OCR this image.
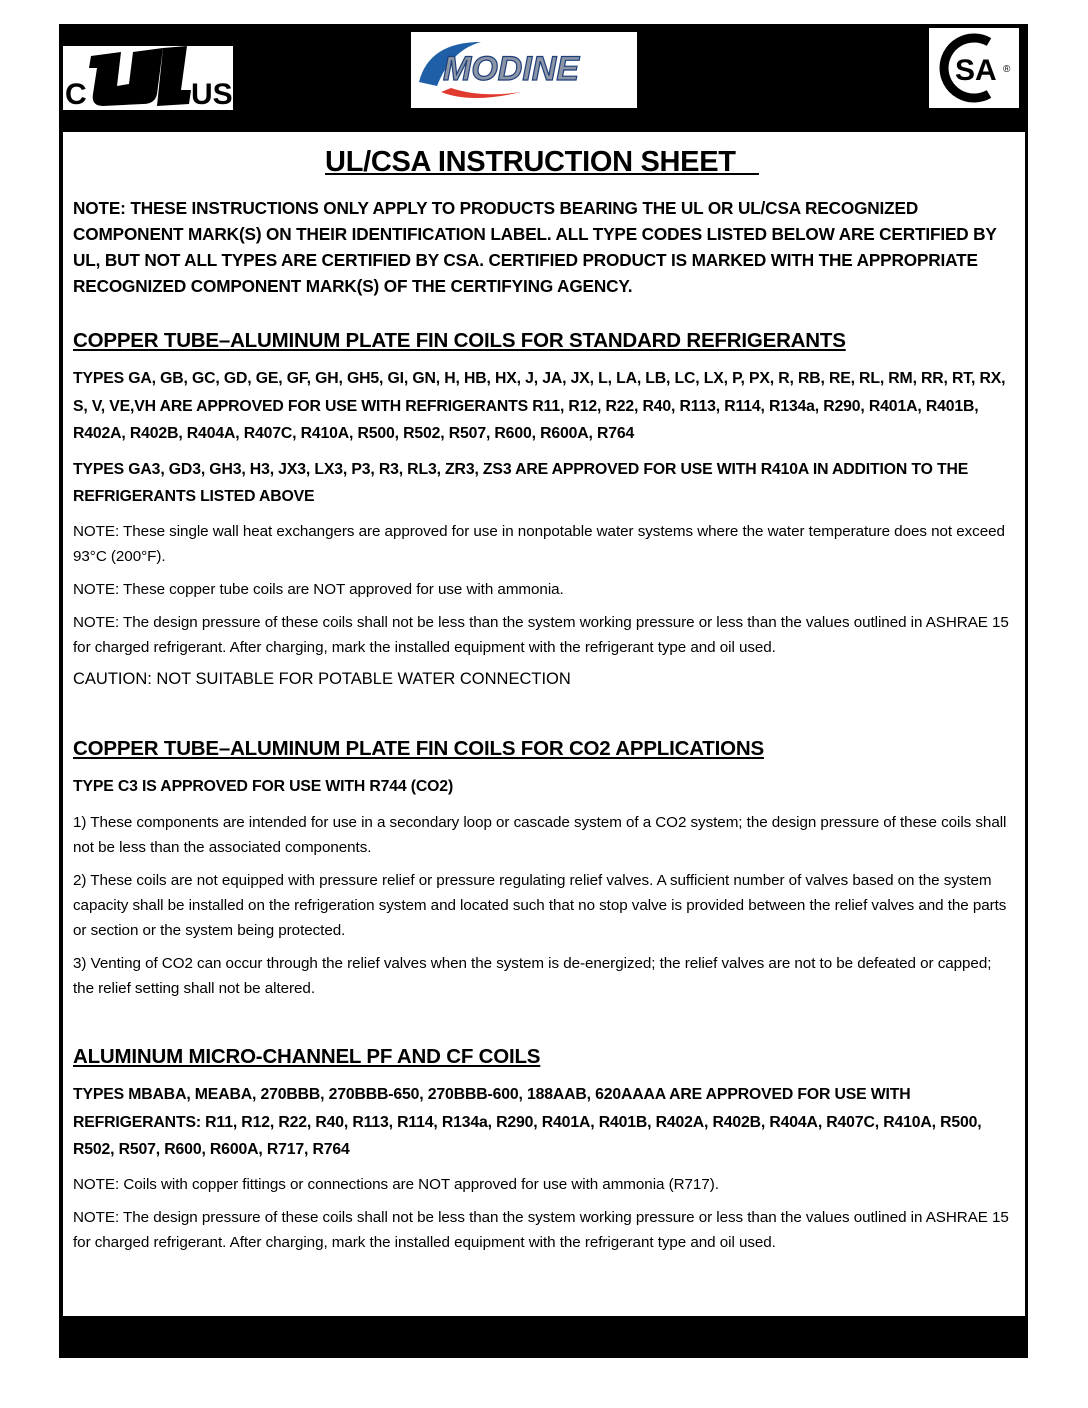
C
®
US
MODINE	SA ®
UL/CSA INSTRUCTION SHEET
NOTE: THESE INSTRUCTIONS ONLY APPLY TO PRODUCTS BEARING THE UL OR UL/CSA RECOGNIZED COMPONENT MARK(S) ON THEIR IDENTIFICATION LABEL. ALL TYPE CODES LISTED BELOW ARE CERTIFIED BY UL, BUT NOT ALL TYPES ARE CERTIFIED BY CSA. CERTIFIED PRODUCT IS MARKED WITH THE APPROPRIATE RECOGNIZED COMPONENT MARK(S) OF THE CERTIFYING AGENCY.
COPPER TUBE–ALUMINUM PLATE FIN COILS FOR STANDARD REFRIGERANTS
TYPES GA, GB, GC, GD, GE, GF, GH, GH5, GI, GN, H, HB, HX, J, JA, JX, L, LA, LB, LC, LX, P, PX, R, RB, RE, RL, RM, RR, RT, RX, S, V, VE,VH ARE APPROVED FOR USE WITH REFRIGERANTS R11, R12, R22, R40, R113, R114, R134a, R290, R401A, R401B, R402A, R402B, R404A, R407C, R410A, R500, R502, R507, R600, R600A, R764
TYPES GA3, GD3, GH3, H3, JX3, LX3, P3, R3, RL3, ZR3, ZS3 ARE APPROVED FOR USE WITH R410A IN ADDITION TO THE REFRIGERANTS LISTED ABOVE
NOTE: These single wall heat exchangers are approved for use in nonpotable water systems where the water temperature does not exceed 93°C (200°F).
NOTE: These copper tube coils are NOT approved for use with ammonia.
NOTE: The design pressure of these coils shall not be less than the system working pressure or less than the values outlined in ASHRAE 15 for charged refrigerant. After charging, mark the installed equipment with the refrigerant type and oil used.
CAUTION: NOT SUITABLE FOR POTABLE WATER CONNECTION
COPPER TUBE–ALUMINUM PLATE FIN COILS FOR CO2 APPLICATIONS
TYPE C3 IS APPROVED FOR USE WITH R744 (CO2)
1) These components are intended for use in a secondary loop or cascade system of a CO2 system; the design pressure of these coils shall not be less than the associated components.
2) These coils are not equipped with pressure relief or pressure regulating relief valves. A sufficient number of valves based on the system capacity shall be installed on the refrigeration system and located such that no stop valve is provided between the relief valves and the parts or section or the system being protected.
3) Venting of CO2 can occur through the relief valves when the system is de-energized; the relief valves are not to be defeated or capped; the relief setting shall not be altered.
ALUMINUM MICRO-CHANNEL PF AND CF COILS
TYPES MBABA, MEABA, 270BBB, 270BBB-650, 270BBB-600, 188AAB, 620AAAA ARE APPROVED FOR USE WITH REFRIGERANTS: R11, R12, R22, R40, R113, R114, R134a, R290, R401A, R401B, R402A, R402B, R404A, R407C, R410A, R500, R502, R507, R600, R600A, R717, R764
NOTE: Coils with copper fittings or connections are NOT approved for use with ammonia (R717).
NOTE: The design pressure of these coils shall not be less than the system working pressure or less than the values outlined in ASHRAE 15 for charged refrigerant. After charging, mark the installed equipment with the refrigerant type and oil used.
